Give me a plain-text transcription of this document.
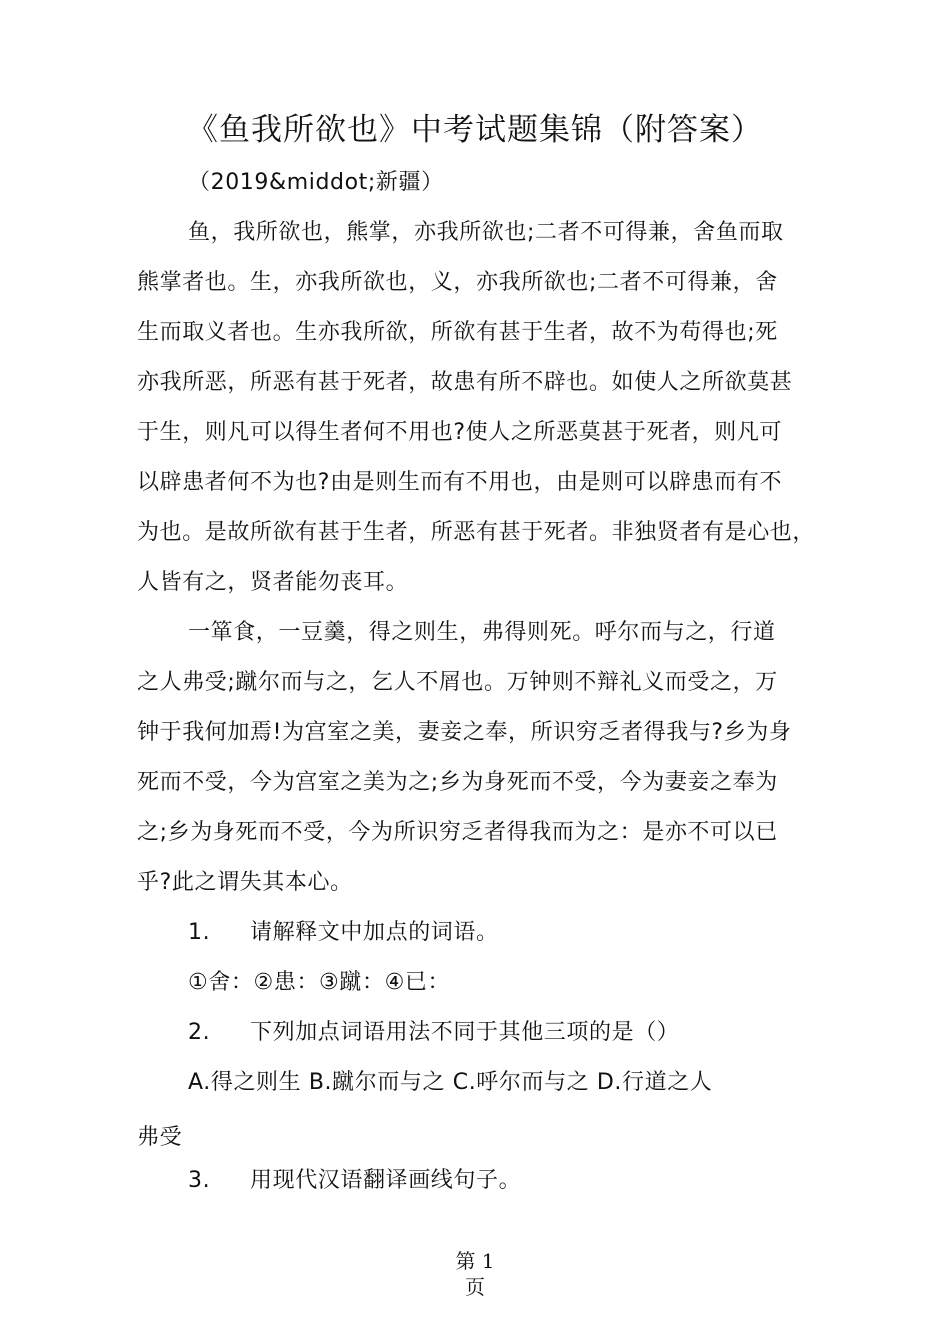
《鱼我所欲也》中考试题集锦（附答案）
（2019&middot;新疆）
鱼，我所欲也，熊掌，亦我所欲也;二者不可得兼，舍鱼而取
熊掌者也。生，亦我所欲也，义，亦我所欲也;二者不可得兼，舍
生而取义者也。生亦我所欲，所欲有甚于生者，故不为苟得也;死
亦我所恶，所恶有甚于死者，故患有所不辟也。如使人之所欲莫甚
于生，则凡可以得生者何不用也?使人之所恶莫甚于死者，则凡可
以辟患者何不为也?由是则生而有不用也，由是则可以辟患而有不
为也。是故所欲有甚于生者，所恶有甚于死者。非独贤者有是心也，
人皆有之，贤者能勿丧耳。
一箪食，一豆羹，得之则生，弗得则死。呼尔而与之，行道
之人弗受;蹴尔而与之，乞人不屑也。万钟则不辩礼义而受之，万
钟于我何加焉!为宫室之美，妻妾之奉，所识穷乏者得我与?乡为身
死而不受，今为宫室之美为之;乡为身死而不受，今为妻妾之奉为
之;乡为身死而不受，今为所识穷乏者得我而为之：是亦不可以已
乎?此之谓失其本心。
1. 请解释文中加点的词语。
①舍：②患：③蹴：④已：
2. 下列加点词语用法不同于其他三项的是（）
A.得之则生 B.蹴尔而与之 C.呼尔而与之 D.行道之人
弗受
3. 用现代汉语翻译画线句子。
第 1
页
